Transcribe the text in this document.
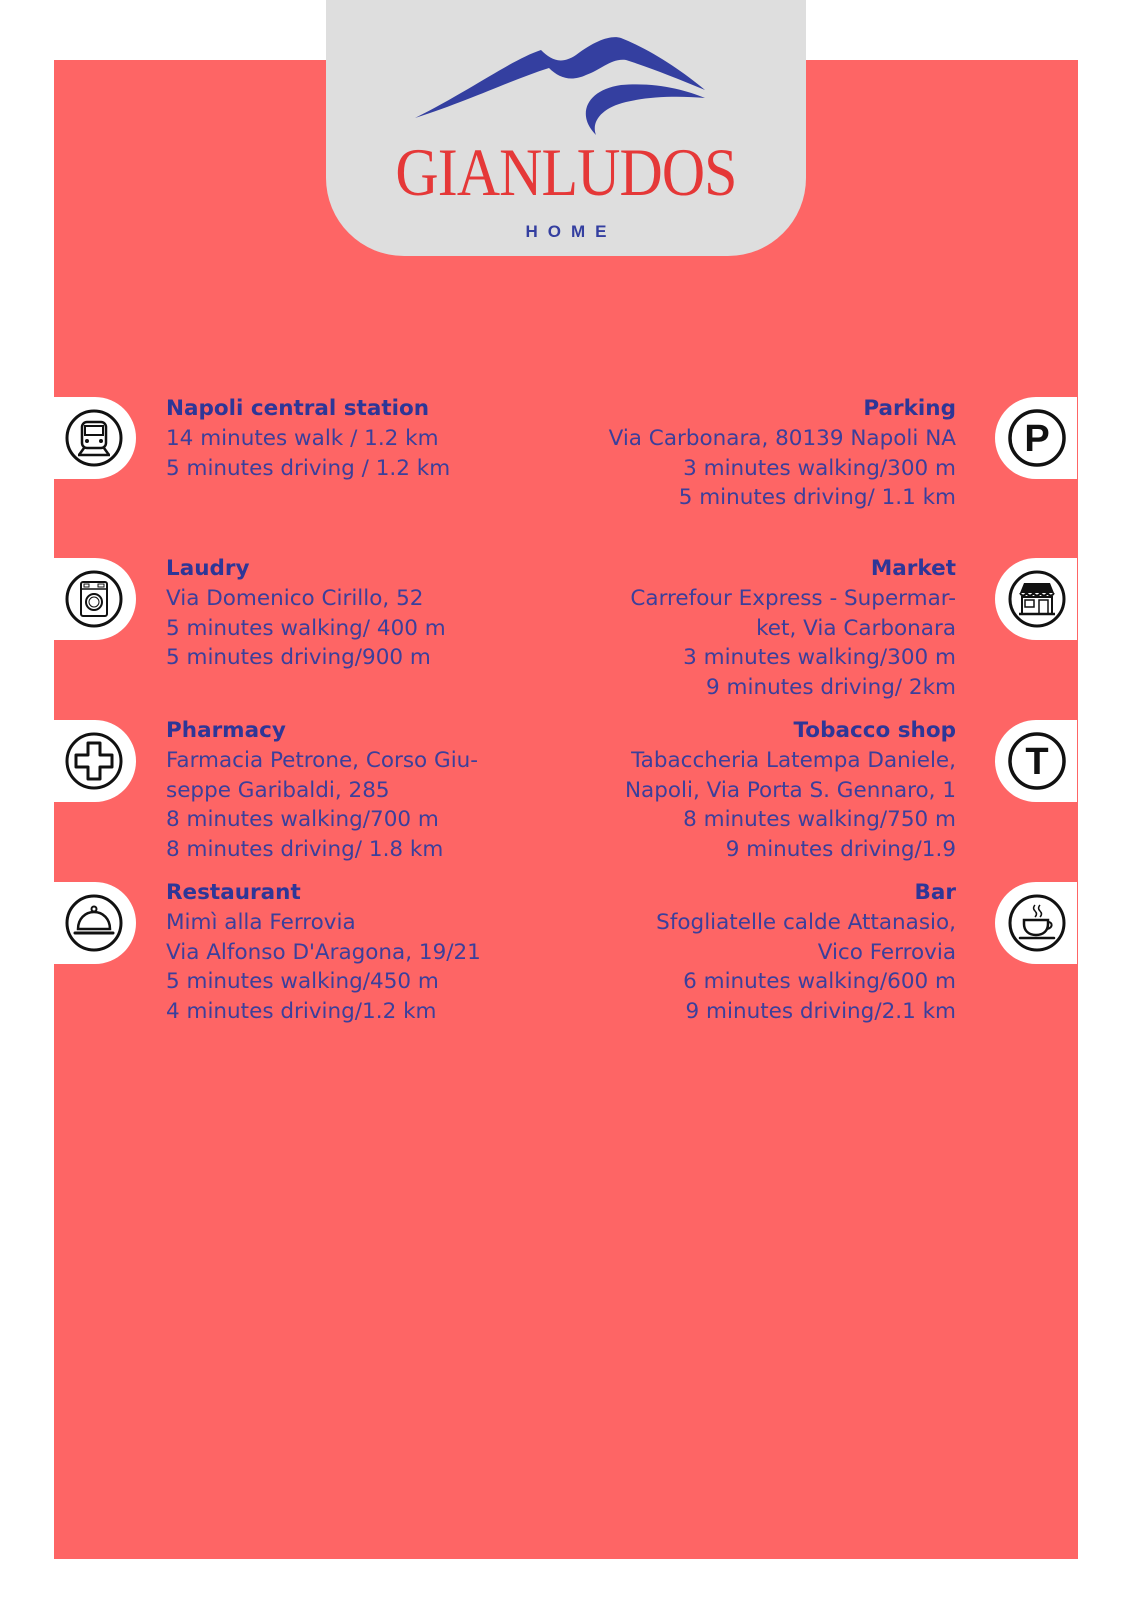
GIANLUDOS
HOME
P
T
Napoli central station
14 minutes walk / 1.2 km
5 minutes driving / 1.2 km
Laudry
Via Domenico Cirillo, 52
5 minutes walking/ 400 m
5 minutes driving/900 m
Pharmacy
Farmacia Petrone, Corso Giu-
seppe Garibaldi, 285
8 minutes walking/700 m
8 minutes driving/ 1.8 km
Restaurant
Mimì alla Ferrovia
Via Alfonso D'Aragona, 19/21
5 minutes walking/450 m
4 minutes driving/1.2 km
Parking
Via Carbonara, 80139 Napoli NA
3 minutes walking/300 m
5 minutes driving/ 1.1 km
Market
Carrefour Express - Supermar-
ket, Via Carbonara
3 minutes walking/300 m
9 minutes driving/ 2km
Tobacco shop
Tabaccheria Latempa Daniele,
Napoli, Via Porta S. Gennaro, 1
8 minutes walking/750 m
9 minutes driving/1.9
Bar
Sfogliatelle calde Attanasio,
Vico Ferrovia
6 minutes walking/600 m
9 minutes driving/2.1 km
